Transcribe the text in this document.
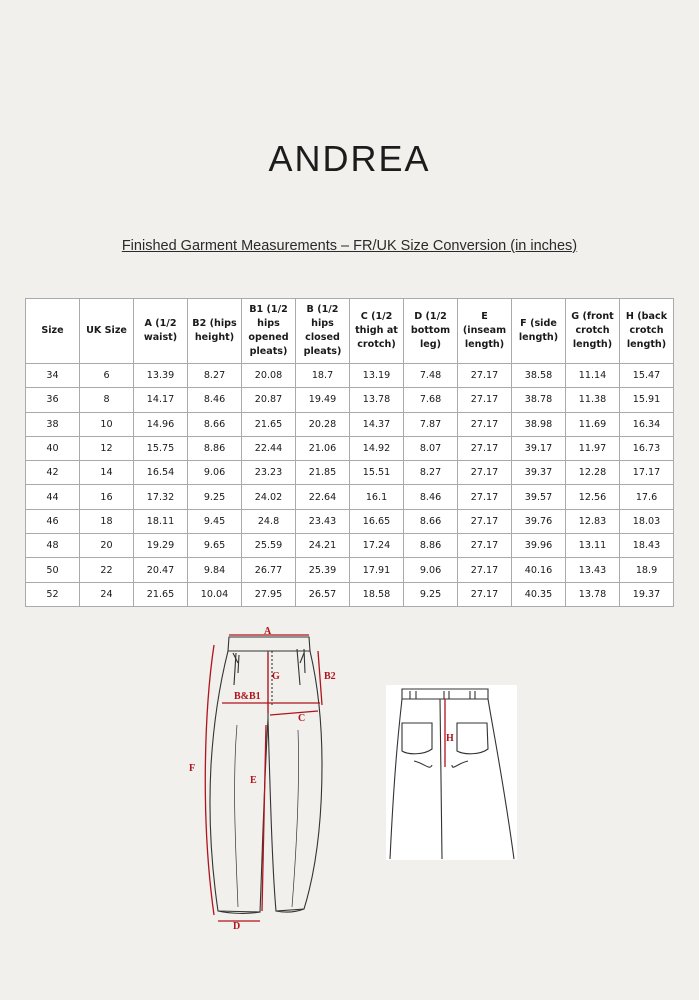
ANDREA
Finished Garment Measurements – FR/UK Size Conversion (in inches)
Size	UK Size	A (1/2 waist)	B2 (hips height)	B1 (1/2 hips opened pleats)	B (1/2 hips closed pleats)	C (1/2 thigh at crotch)	D (1/2 bottom leg)	E (inseam length)	F (side length)	G (front crotch length)	H (back crotch length)
34	6	13.39	8.27	20.08	18.7	13.19	7.48	27.17	38.58	11.14	15.47
36	8	14.17	8.46	20.87	19.49	13.78	7.68	27.17	38.78	11.38	15.91
38	10	14.96	8.66	21.65	20.28	14.37	7.87	27.17	38.98	11.69	16.34
40	12	15.75	8.86	22.44	21.06	14.92	8.07	27.17	39.17	11.97	16.73
42	14	16.54	9.06	23.23	21.85	15.51	8.27	27.17	39.37	12.28	17.17
44	16	17.32	9.25	24.02	22.64	16.1	8.46	27.17	39.57	12.56	17.6
46	18	18.11	9.45	24.8	23.43	16.65	8.66	27.17	39.76	12.83	18.03
48	20	19.29	9.65	25.59	24.21	17.24	8.86	27.17	39.96	13.11	18.43
50	22	20.47	9.84	26.77	25.39	17.91	9.06	27.17	40.16	13.43	18.9
52	24	21.65	10.04	27.95	26.57	18.58	9.25	27.17	40.35	13.78	19.37
A
B2
G
B&B1
C
F
E
D
H
